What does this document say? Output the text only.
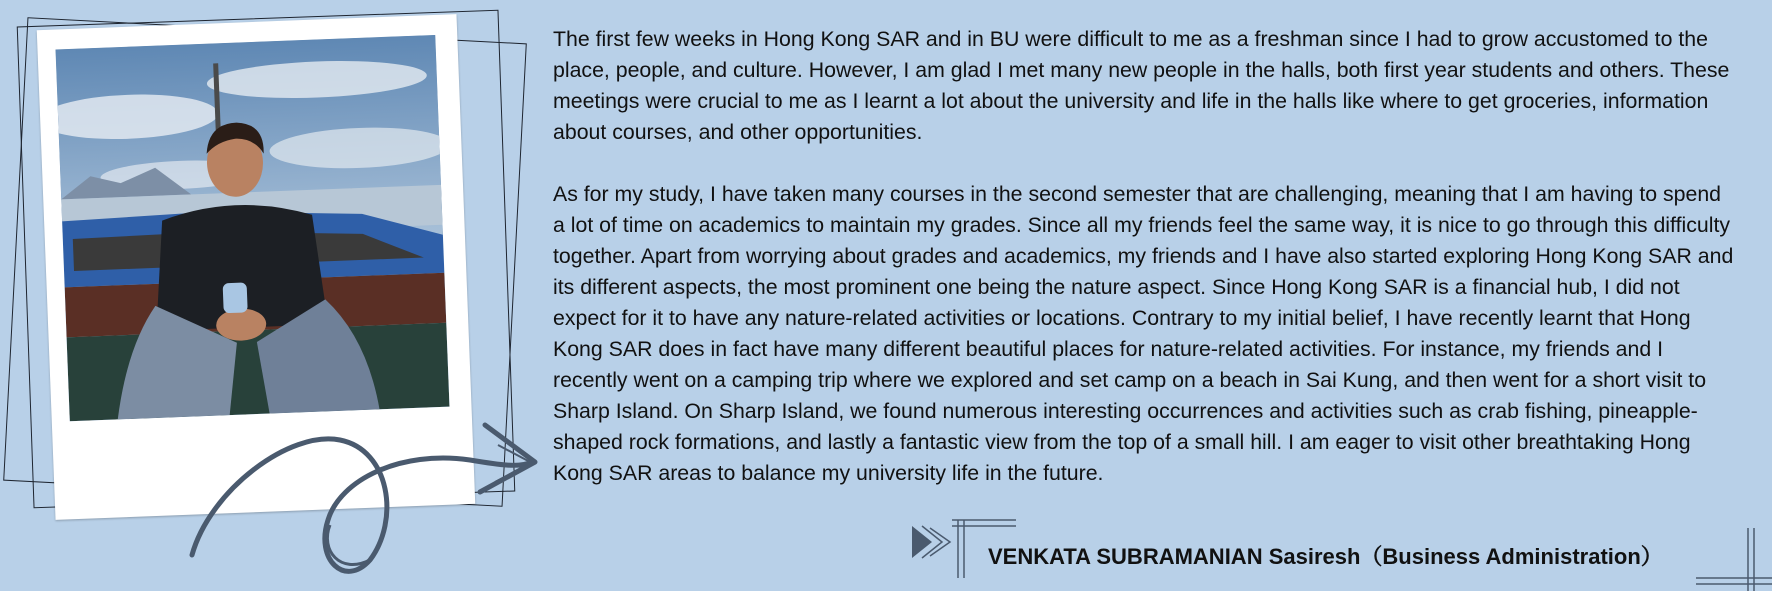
The first few weeks in Hong Kong SAR and in BU were difficult to me as a freshman since I had to grow accustomed to the place, people, and culture. However, I am glad I met many new people in the halls, both first year students and others. These meetings were crucial to me as I learnt a lot about the university and life in the halls like where to get groceries, information about courses, and other opportunities.

As for my study, I have taken many courses in the second semester that are challenging, meaning that I am having to spend a lot of time on academics to maintain my grades. Since all my friends feel the same way, it is nice to go through this difficulty together. Apart from worrying about grades and academics, my friends and I have also started exploring Hong Kong SAR and its different aspects, the most prominent one being the nature aspect. Since Hong Kong SAR is a financial hub, I did not expect for it to have any nature-related activities or locations. Contrary to my initial belief, I have recently learnt that Hong Kong SAR does in fact have many different beautiful places for nature-related activities. For instance, my friends and I recently went on a camping trip where we explored and set camp on a beach in Sai Kung, and then went for a short visit to Sharp Island. On Sharp Island, we found numerous interesting occurrences and activities such as crab fishing, pineapple-shaped rock formations, and lastly a fantastic view from the top of a small hill. I am eager to visit other breathtaking Hong Kong SAR areas to balance my university life in the future.

VENKATA SUBRAMANIAN Sasiresh（Business Administration）
